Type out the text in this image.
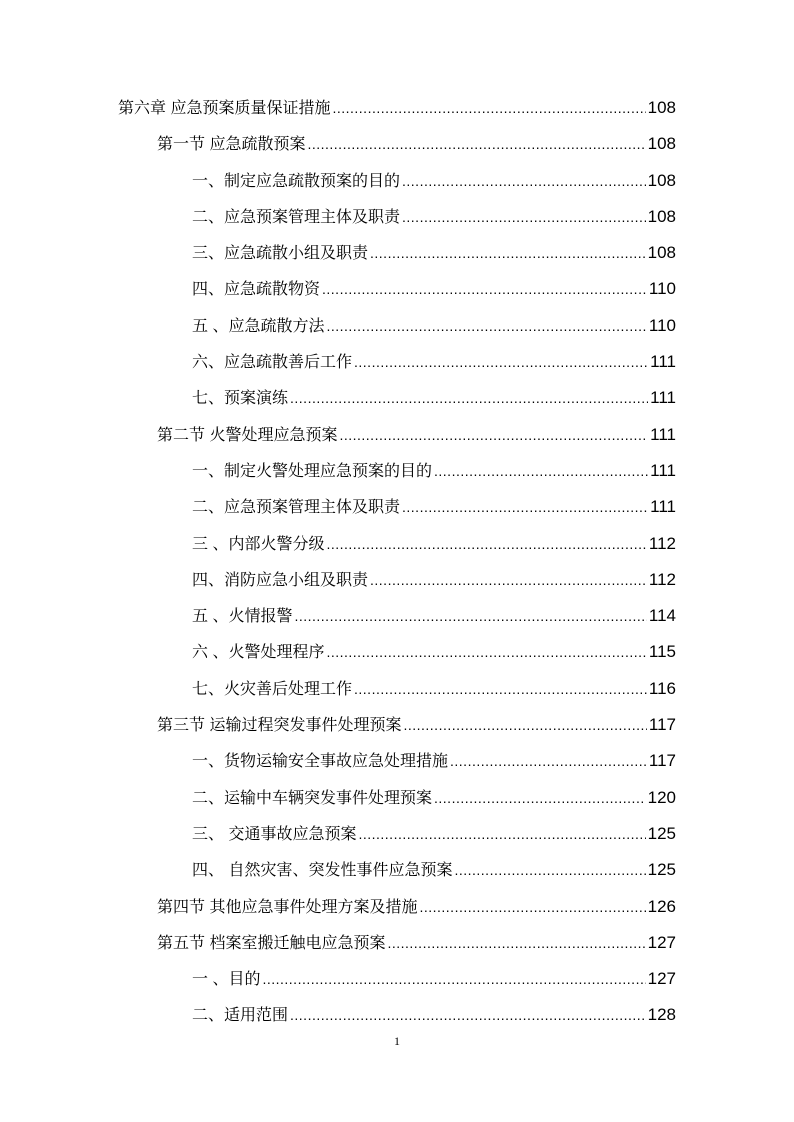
第六章 应急预案质量保证措施 .....	108
第一节 应急疏散预案 .....	108
一、制定应急疏散预案的目的 .....	108
二、应急预案管理主体及职责 .....	108
三、应急疏散小组及职责 .....	108
四、应急疏散物资 .....	110
五 、应急疏散方法 .....	110
六、应急疏散善后工作 .....	111
七、预案演练 .....	111
第二节 火警处理应急预案 .....	111
一、制定火警处理应急预案的目的 .....	111
二、应急预案管理主体及职责 .....	111
三 、内部火警分级 .....	112
四、消防应急小组及职责 .....	112
五 、火情报警 .....	114
六 、火警处理程序 .....	115
七、火灾善后处理工作 .....	116
第三节 运输过程突发事件处理预案 .....	117
一、货物运输安全事故应急处理措施 .....	117
二、运输中车辆突发事件处理预案 .....	120
三、 交通事故应急预案 .....	125
四、 自然灾害、突发性事件应急预案 .....	125
第四节 其他应急事件处理方案及措施 .....	126
第五节 档案室搬迁触电应急预案 .....	127
一 、目的 .....	127
二、适用范围 .....	128
1
